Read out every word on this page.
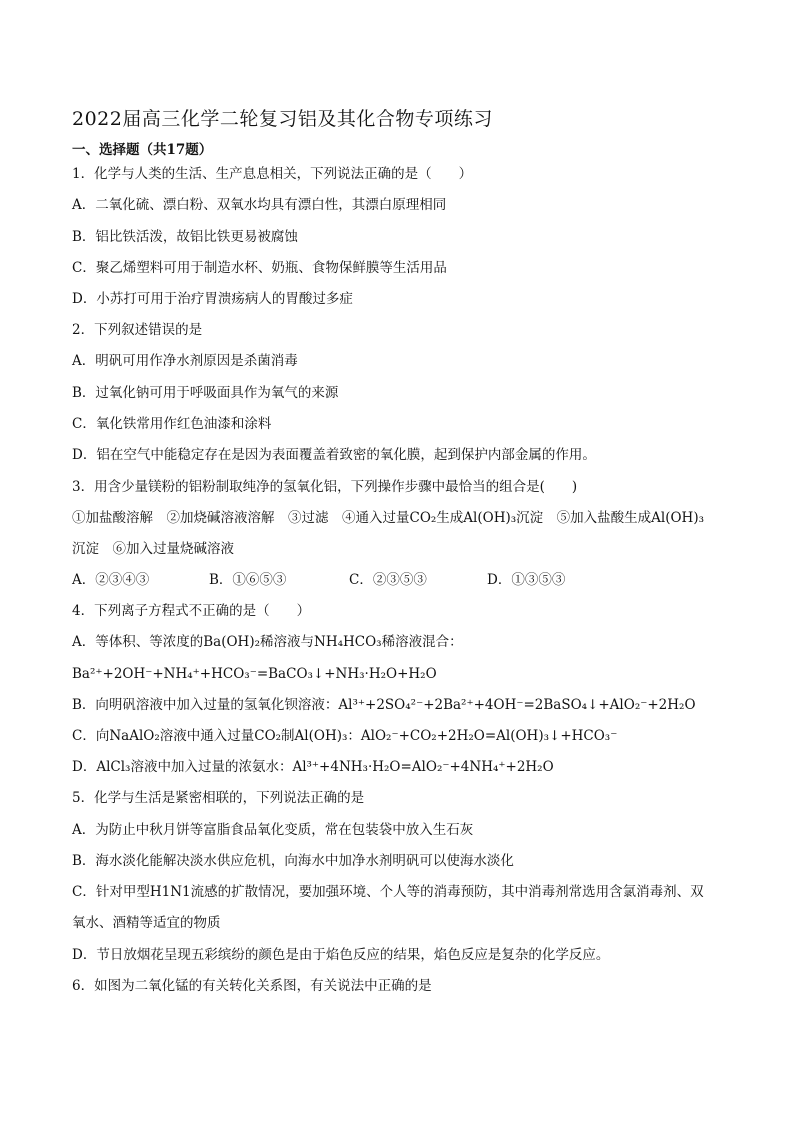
2022届高三化学二轮复习铝及其化合物专项练习
一、选择题（共17题）
1．化学与人类的生活、生产息息相关，下列说法正确的是（　　）
A．二氧化硫、漂白粉、双氧水均具有漂白性，其漂白原理相同
B．铝比铁活泼，故铝比铁更易被腐蚀
C．聚乙烯塑料可用于制造水杯、奶瓶、食物保鲜膜等生活用品
D．小苏打可用于治疗胃溃疡病人的胃酸过多症
2．下列叙述错误的是
A．明矾可用作净水剂原因是杀菌消毒
B．过氧化钠可用于呼吸面具作为氧气的来源
C．氧化铁常用作红色油漆和涂料
D．铝在空气中能稳定存在是因为表面覆盖着致密的氧化膜，起到保护内部金属的作用。
3．用含少量镁粉的铝粉制取纯净的氢氧化铝，下列操作步骤中最恰当的组合是(　　)
①加盐酸溶解　②加烧碱溶液溶解　③过滤　④通入过量CO₂生成Al(OH)₃沉淀　⑤加入盐酸生成Al(OH)₃
沉淀　⑥加入过量烧碱溶液
A．②③④③	B．①⑥⑤③	C．②③⑤③	D．①③⑤③
4．下列离子方程式不正确的是（　　）
A．等体积、等浓度的Ba(OH)₂稀溶液与NH₄HCO₃稀溶液混合：
Ba²⁺+2OH⁻+NH₄⁺+HCO₃⁻=BaCO₃↓+NH₃·H₂O+H₂O
B．向明矾溶液中加入过量的氢氧化钡溶液：Al³⁺+2SO₄²⁻+2Ba²⁺+4OH⁻=2BaSO₄↓+AlO₂⁻+2H₂O
C．向NaAlO₂溶液中通入过量CO₂制Al(OH)₃：AlO₂⁻+CO₂+2H₂O=Al(OH)₃↓+HCO₃⁻
D．AlCl₃溶液中加入过量的浓氨水：Al³⁺+4NH₃·H₂O=AlO₂⁻+4NH₄⁺+2H₂O
5．化学与生活是紧密相联的，下列说法正确的是
A．为防止中秋月饼等富脂食品氧化变质，常在包装袋中放入生石灰
B．海水淡化能解决淡水供应危机，向海水中加净水剂明矾可以使海水淡化
C．针对甲型H1N1流感的扩散情况，要加强环境、个人等的消毒预防，其中消毒剂常选用含氯消毒剂、双
氧水、酒精等适宜的物质
D．节日放烟花呈现五彩缤纷的颜色是由于焰色反应的结果，焰色反应是复杂的化学反应。
6．如图为二氧化锰的有关转化关系图，有关说法中正确的是
